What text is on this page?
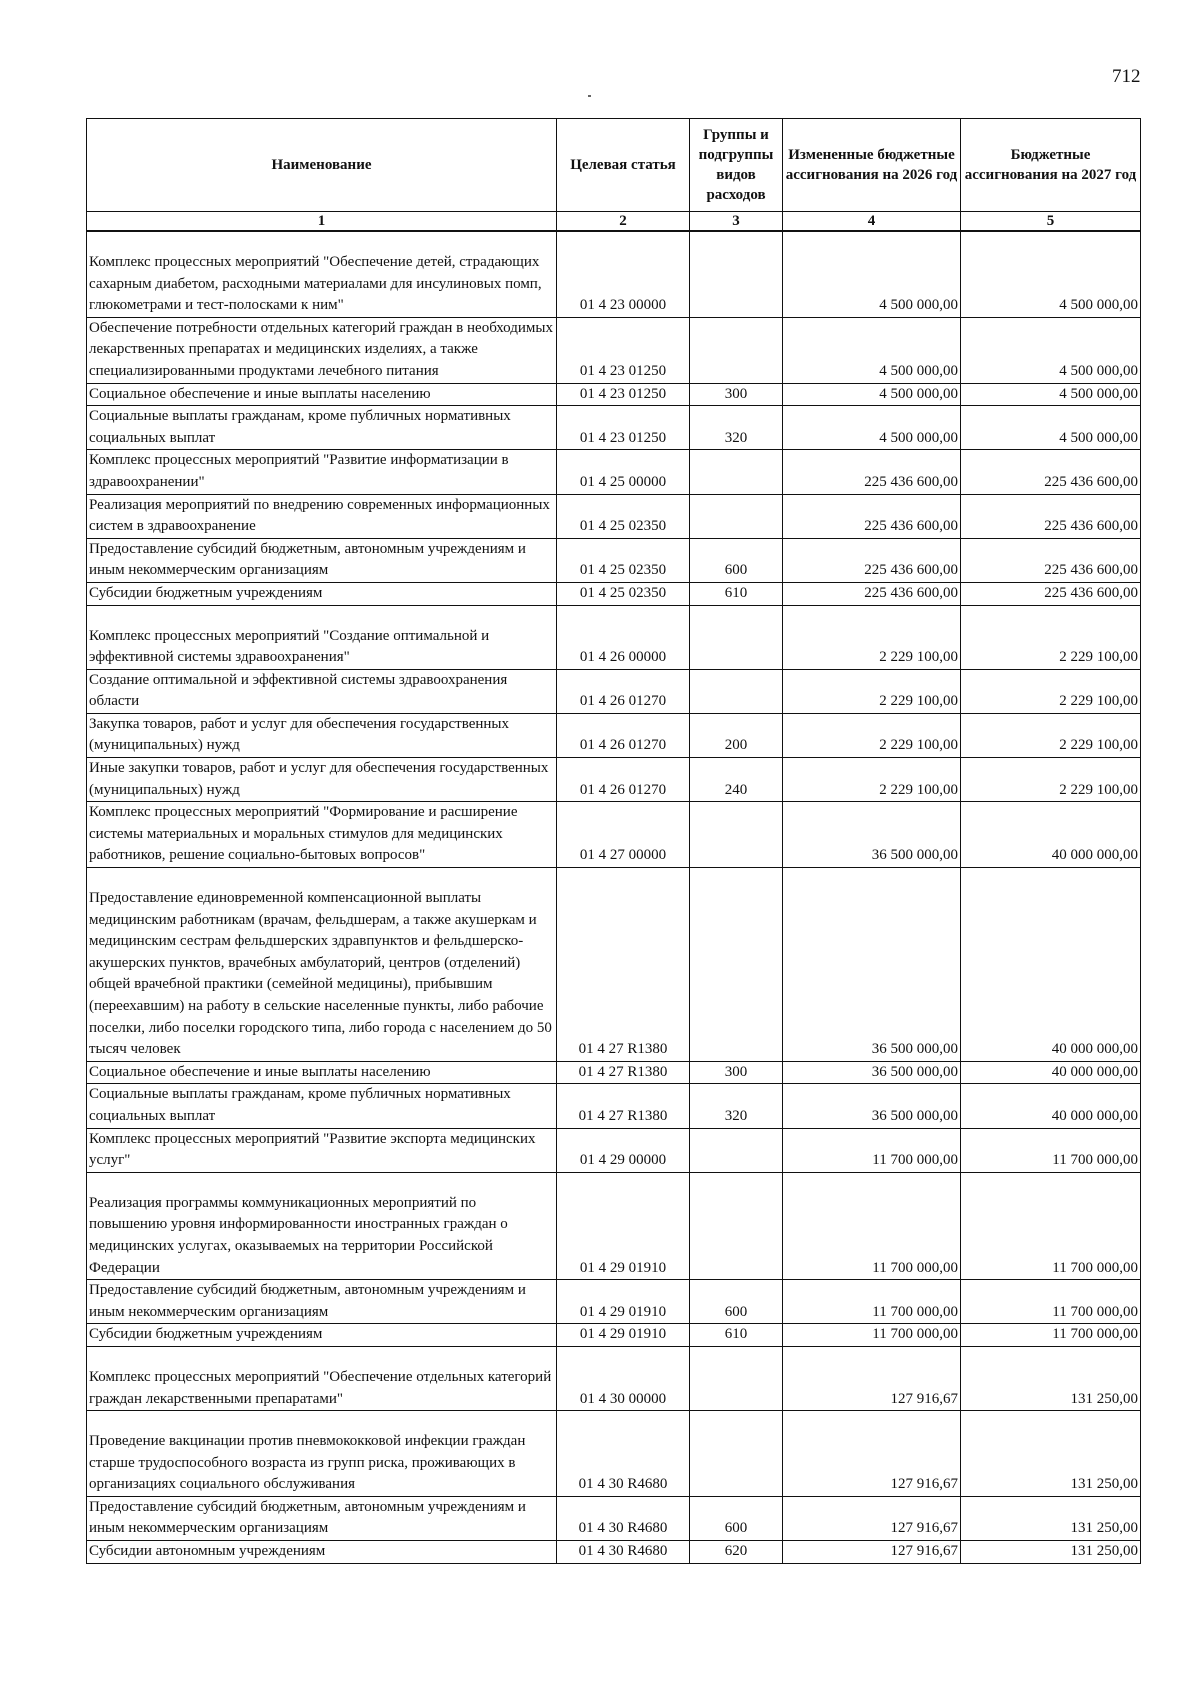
712
Наименование	Целевая статья	Группы и подгруппы видов расходов	Измененные бюджетные ассигнования на 2026 год	Бюджетные ассигнования на 2027 год
1	2	3	4	5
Комплекс процессных мероприятий "Обеспечение детей, страдающих сахарным диабетом, расходными материалами для инсулиновых помп, глюкометрами и тест-полосками к ним"	01 4 23 00000		4 500 000,00	4 500 000,00
Обеспечение потребности отдельных категорий граждан в необходимых лекарственных препаратах и медицинских изделиях, а также специализированными продуктами лечебного питания	01 4 23 01250		4 500 000,00	4 500 000,00
Социальное обеспечение и иные выплаты населению	01 4 23 01250	300	4 500 000,00	4 500 000,00
Социальные выплаты гражданам, кроме публичных нормативных социальных выплат	01 4 23 01250	320	4 500 000,00	4 500 000,00
Комплекс процессных мероприятий "Развитие информатизации в здравоохранении"	01 4 25 00000		225 436 600,00	225 436 600,00
Реализация мероприятий по внедрению современных информационных систем в здравоохранение	01 4 25 02350		225 436 600,00	225 436 600,00
Предоставление субсидий бюджетным, автономным учреждениям и иным некоммерческим организациям	01 4 25 02350	600	225 436 600,00	225 436 600,00
Субсидии бюджетным учреждениям	01 4 25 02350	610	225 436 600,00	225 436 600,00
Комплекс процессных мероприятий "Создание оптимальной и эффективной системы здравоохранения"	01 4 26 00000		2 229 100,00	2 229 100,00
Создание оптимальной и эффективной системы здравоохранения области	01 4 26 01270		2 229 100,00	2 229 100,00
Закупка товаров, работ и услуг для обеспечения государственных (муниципальных) нужд	01 4 26 01270	200	2 229 100,00	2 229 100,00
Иные закупки товаров, работ и услуг для обеспечения государственных (муниципальных) нужд	01 4 26 01270	240	2 229 100,00	2 229 100,00
Комплекс процессных мероприятий "Формирование и расширение системы материальных и моральных стимулов для медицинских работников, решение социально-бытовых вопросов"	01 4 27 00000		36 500 000,00	40 000 000,00
Предоставление единовременной компенсационной выплаты медицинским работникам (врачам, фельдшерам, а также акушеркам и медицинским сестрам фельдшерских здравпунктов и фельдшерско-акушерских пунктов, врачебных амбулаторий, центров (отделений) общей врачебной практики (семейной медицины), прибывшим (переехавшим) на работу в сельские населенные пункты, либо рабочие поселки, либо поселки городского типа, либо города с населением до 50 тысяч человек	01 4 27 R1380		36 500 000,00	40 000 000,00
Социальное обеспечение и иные выплаты населению	01 4 27 R1380	300	36 500 000,00	40 000 000,00
Социальные выплаты гражданам, кроме публичных нормативных социальных выплат	01 4 27 R1380	320	36 500 000,00	40 000 000,00
Комплекс процессных мероприятий "Развитие экспорта медицинских услуг"	01 4 29 00000		11 700 000,00	11 700 000,00
Реализация программы коммуникационных мероприятий по повышению уровня информированности иностранных граждан о медицинских услугах, оказываемых на территории Российской Федерации	01 4 29 01910		11 700 000,00	11 700 000,00
Предоставление субсидий бюджетным, автономным учреждениям и иным некоммерческим организациям	01 4 29 01910	600	11 700 000,00	11 700 000,00
Субсидии бюджетным учреждениям	01 4 29 01910	610	11 700 000,00	11 700 000,00
Комплекс процессных мероприятий "Обеспечение отдельных категорий граждан лекарственными препаратами"	01 4 30 00000		127 916,67	131 250,00
Проведение вакцинации против пневмококковой инфекции граждан старше трудоспособного возраста из групп риска, проживающих в организациях социального обслуживания	01 4 30 R4680		127 916,67	131 250,00
Предоставление субсидий бюджетным, автономным учреждениям и иным некоммерческим организациям	01 4 30 R4680	600	127 916,67	131 250,00
Субсидии автономным учреждениям	01 4 30 R4680	620	127 916,67	131 250,00
